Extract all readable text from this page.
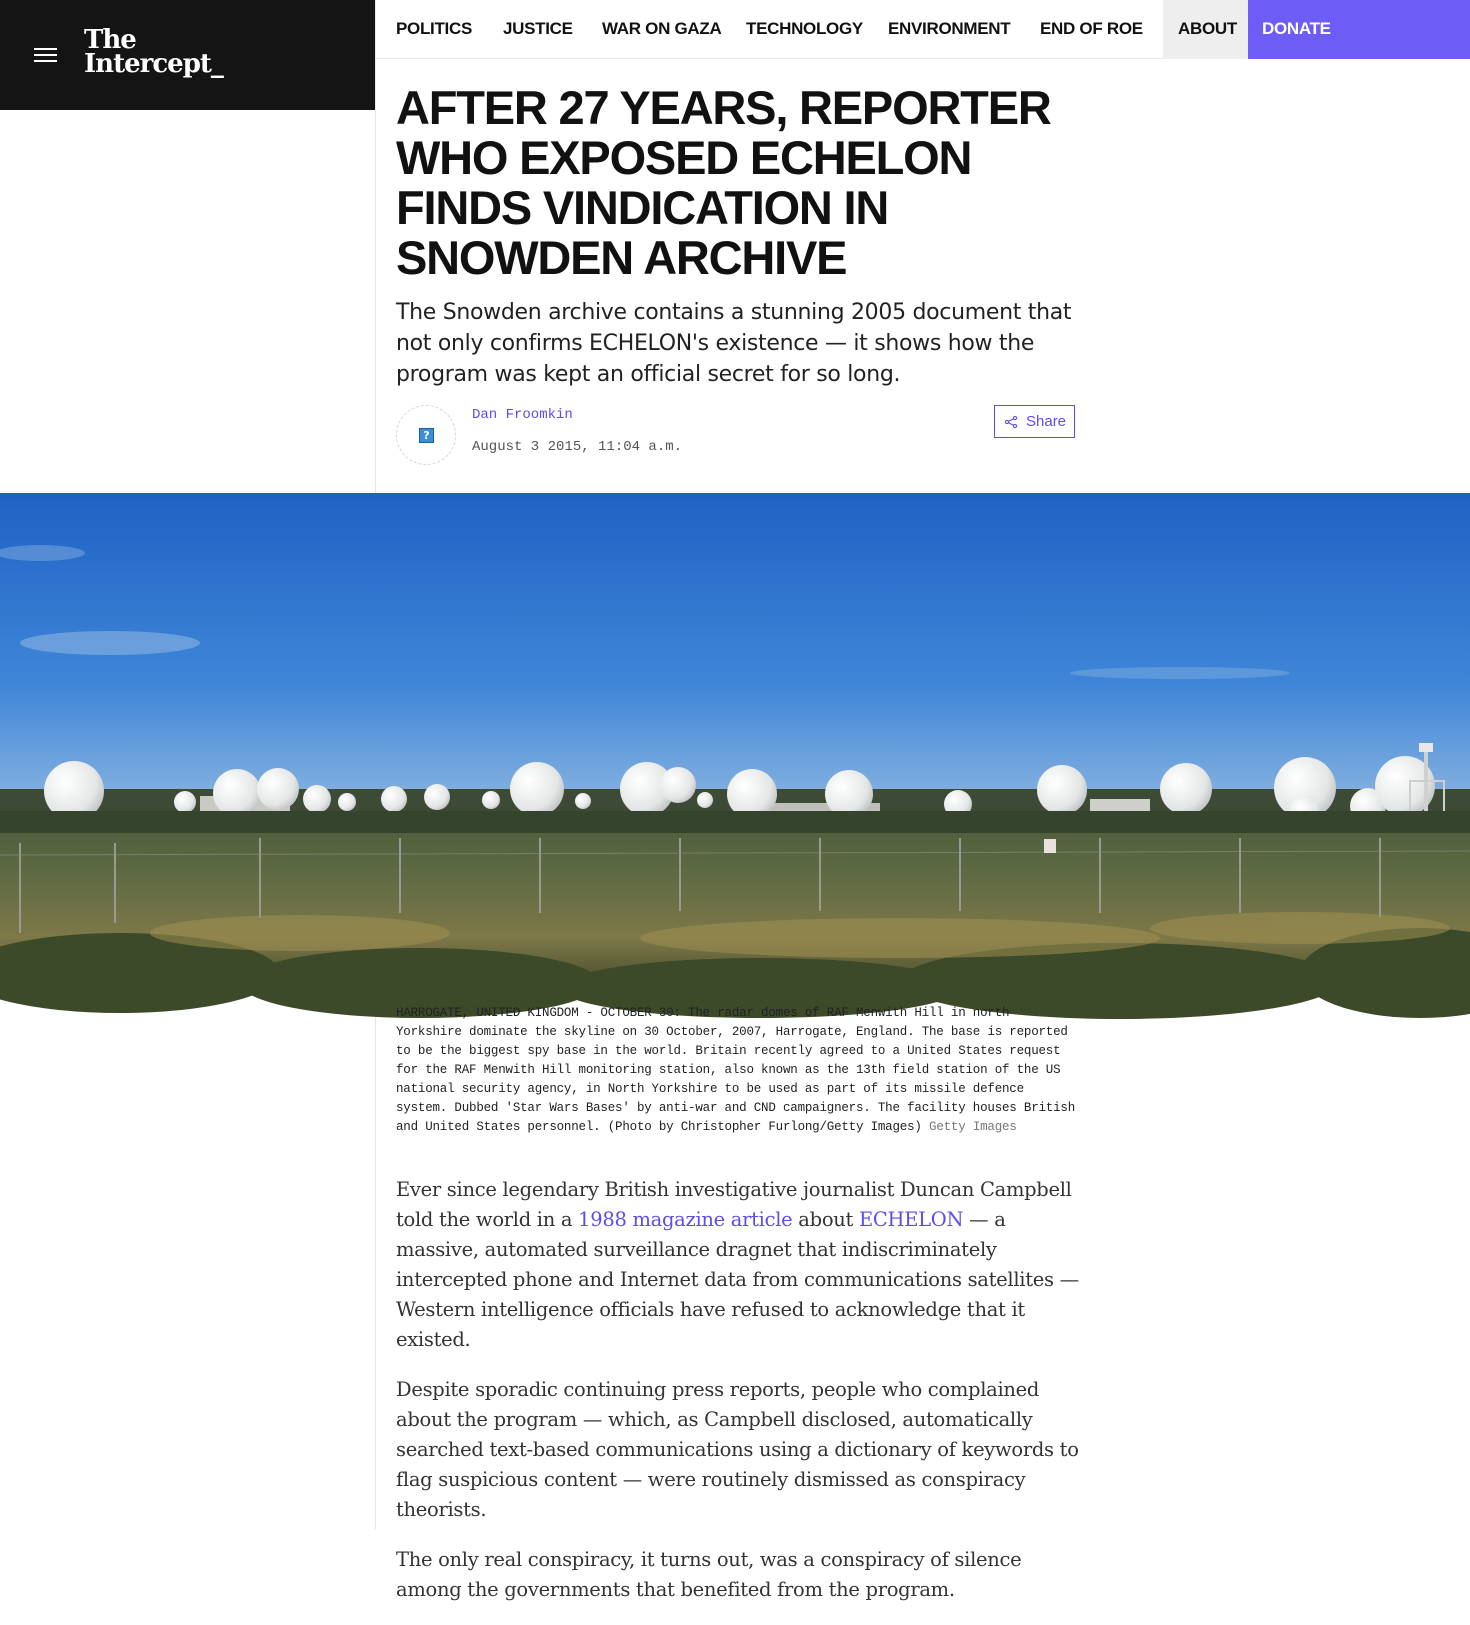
The
Intercept_
POLITICS JUSTICE WAR ON GAZA TECHNOLOGY ENVIRONMENT END OF ROE ABOUT DONATE
AFTER 27 YEARS, REPORTER WHO EXPOSED ECHELON FINDS VINDICATION IN SNOWDEN ARCHIVE

The Snowden archive contains a stunning 2005 document that not only confirms ECHELON's existence — it shows how the program was kept an official secret for so long.

?
Dan Froomkin
August 3 2015, 11:04 a.m.
Share

HARROGATE, UNITED KINGDOM - OCTOBER 30: The radar domes of RAF Menwith Hill in north Yorkshire dominate the skyline on 30 October, 2007, Harrogate, England. The base is reported to be the biggest spy base in the world. Britain recently agreed to a United States request for the RAF Menwith Hill monitoring station, also known as the 13th field station of the US national security agency, in North Yorkshire to be used as part of its missile defence system. Dubbed 'Star Wars Bases' by anti-war and CND campaigners. The facility houses British and United States personnel. (Photo by Christopher Furlong/Getty Images) Getty Images

Ever since legendary British investigative journalist Duncan Campbell told the world in a 1988 magazine article about ECHELON — a massive, automated surveillance dragnet that indiscriminately intercepted phone and Internet data from communications satellites — Western intelligence officials have refused to acknowledge that it existed.

Despite sporadic continuing press reports, people who complained about the program — which, as Campbell disclosed, automatically searched text-based communications using a dictionary of keywords to flag suspicious content — were routinely dismissed as conspiracy theorists.

The only real conspiracy, it turns out, was a conspiracy of silence among the governments that benefited from the program.
